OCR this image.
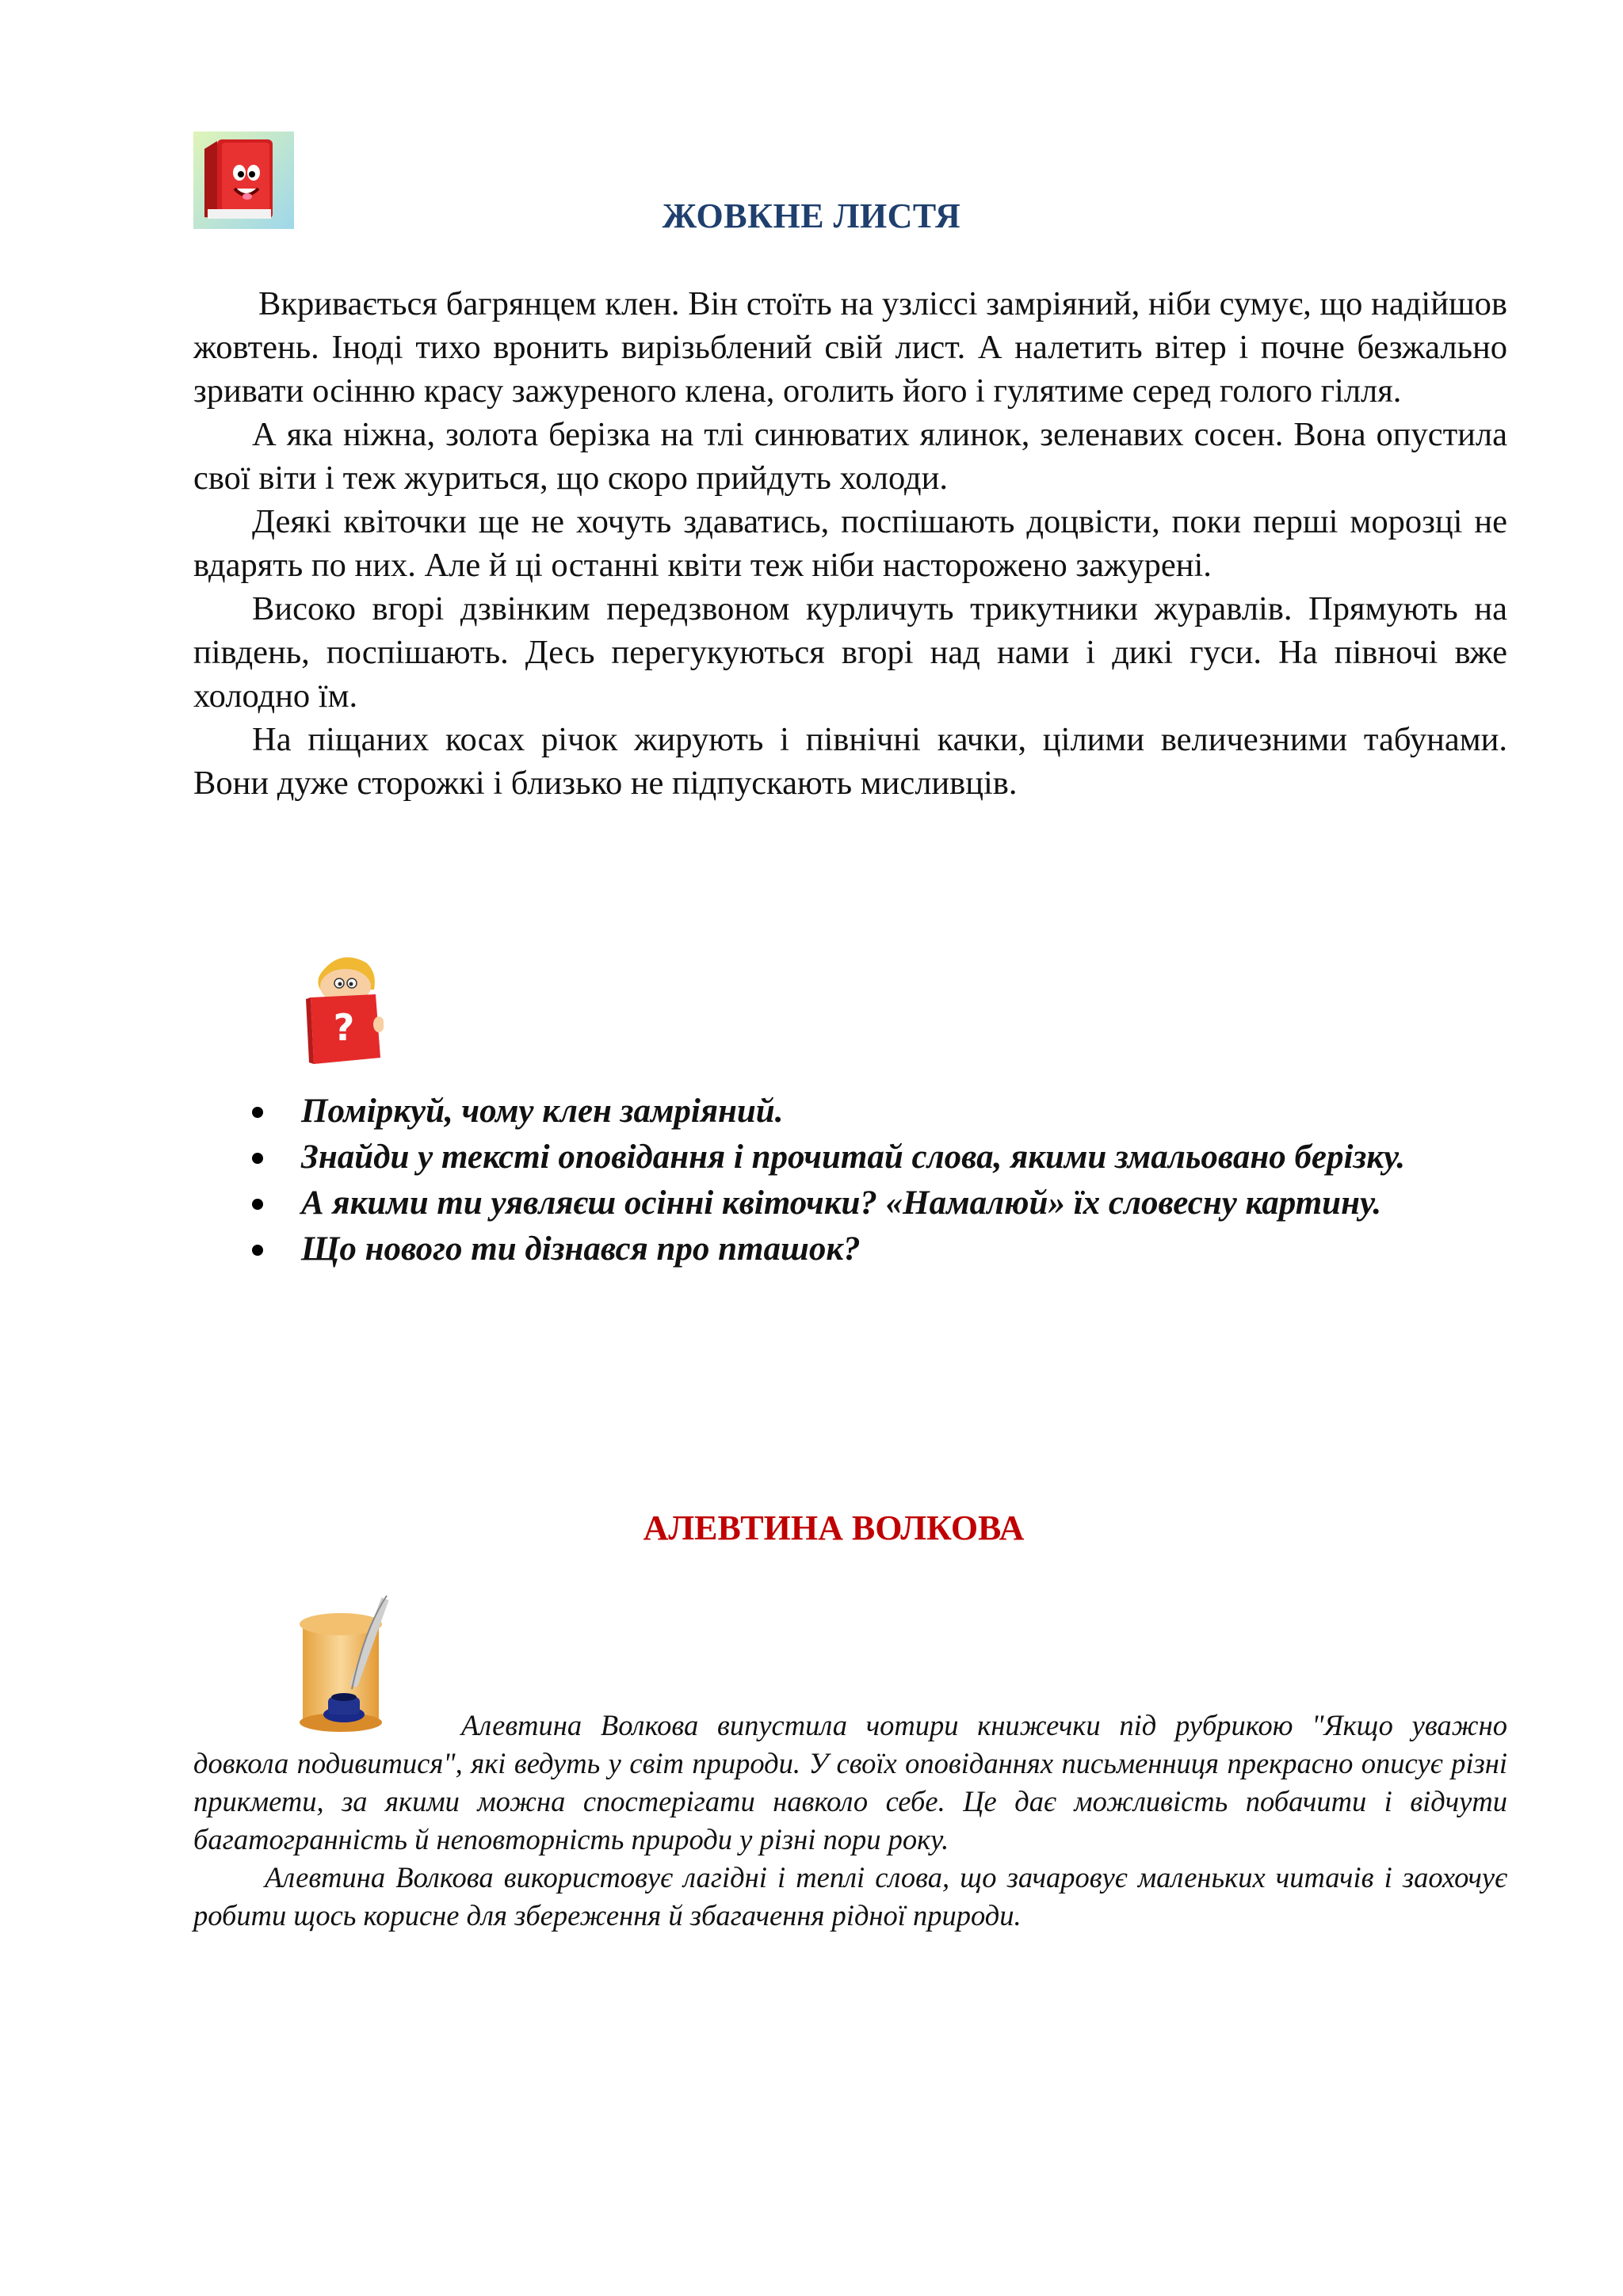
ЖОВКНЕ ЛИСТЯ

Вкривається багрянцем клен. Він стоїть на узліссі замріяний, ніби сумує, що надійшов жовтень. Іноді тихо вронить вирізьблений свій лист. А налетить вітер і почне безжально зривати осінню красу зажуреного клена, оголить його і гулятиме серед голого гілля.

А яка ніжна, золота берізка на тлі синюватих ялинок, зеленавих сосен. Вона опустила свої віти і теж журиться, що скоро прийдуть холоди.

Деякі квіточки ще не хочуть здаватись, поспішають доцвісти, поки перші морозці не вдарять по них. Але й ці останні квіти теж ніби насторожено зажурені.

Високо вгорі дзвінким передзвоном курличуть трикутники журавлів. Прямують на південь, поспішають. Десь перегукуються вгорі над нами і дикі гуси. На півночі вже холодно їм.

На піщаних косах річок жирують і північні качки, цілими величезними табунами. Вони дуже сторожкі і близько не підпускають мисливців.

?
Поміркуй, чому клен замріяний.
Знайди у тексті оповідання і прочитай слова, якими змальовано берізку.
А якими ти уявляєш осінні квіточки? «Намалюй» їх словесну картину.
Що нового ти дізнався про пташок?
АЛЕВТИНА ВОЛКОВА

Алевтина Волкова випустила чотири книжечки під рубрикою "Якщо уважно довкола подивитися", які ведуть у світ природи. У своїх оповіданнях письменниця прекрасно описує різні прикмети, за якими можна спостерігати навколо себе. Це дає можливість побачити і відчути багатогранність й неповторність природи у різні пори року.

Алевтина Волкова використовує лагідні і теплі слова, що зачаровує маленьких читачів і заохочує робити щось корисне для збереження й збагачення рідної природи.
